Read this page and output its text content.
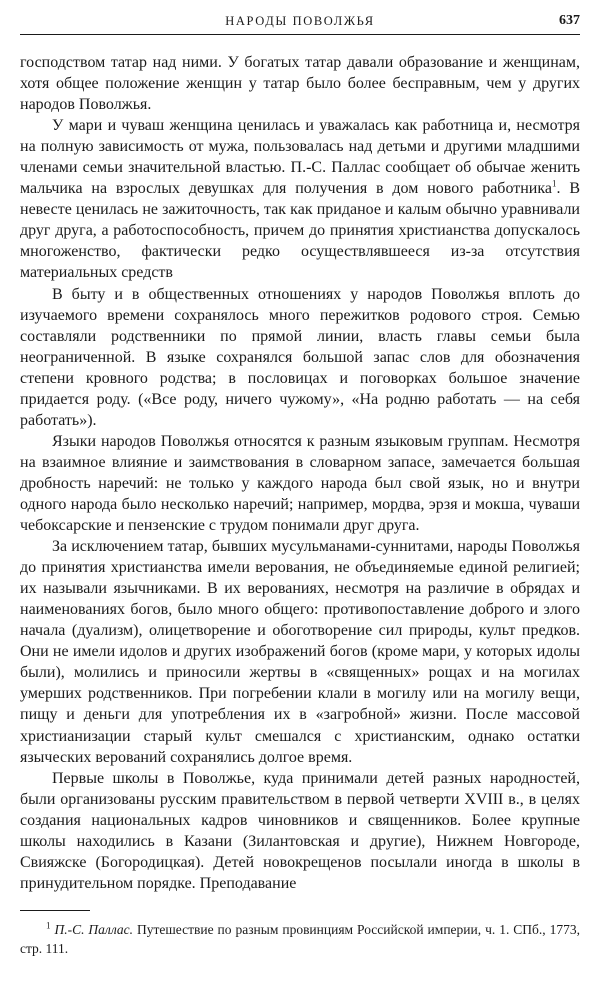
НАРОДЫ ПОВОЛЖЬЯ	637

господством татар над ними. У богатых татар давали образование и женщинам, хотя общее положение женщин у татар было более бесправным, чем у других народов Поволжья.

У мари и чуваш женщина ценилась и уважалась как работница и, несмотря на полную зависимость от мужа, пользовалась над детьми и другими младшими членами семьи значительной властью. П.-С. Паллас сообщает об обычае женить мальчика на взрослых девушках для получения в дом нового работника$^1$. В невесте ценилась не зажиточность, так как приданое и калым обычно уравнивали друг друга, а работоспособность, причем до принятия христианства допускалось многоженство, фактически редко осуществлявшееся из-за отсутствия материальных средств

В быту и в общественных отношениях у народов Поволжья вплоть до изучаемого времени сохранялось много пережитков родового строя. Семью составляли родственники по прямой линии, власть главы семьи была неограниченной. В языке сохранялся большой запас слов для обозначения степени кровного родства; в пословицах и поговорках большое значение придается роду. («Все роду, ничего чужому», «На родню работать — на себя работать»).

Языки народов Поволжья относятся к разным языковым группам. Несмотря на взаимное влияние и заимствования в словарном запасе, замечается большая дробность наречий: не только у каждого народа был свой язык, но и внутри одного народа было несколько наречий; например, мордва, эрзя и мокша, чуваши чебоксарские и пензенские с трудом понимали друг друга.

За исключением татар, бывших мусульманами-суннитами, народы Поволжья до принятия христианства имели верования, не объединяемые единой религией; их называли язычниками. В их верованиях, несмотря на различие в обрядах и наименованиях богов, было много общего: противопоставление доброго и злого начала (дуализм), олицетворение и обоготворение сил природы, культ предков. Они не имели идолов и других изображений богов (кроме мари, у которых идолы были), молились и приносили жертвы в «священных» рощах и на могилах умерших родственников. При погребении клали в могилу или на могилу вещи, пищу и деньги для употребления их в «загробной» жизни. После массовой христианизации старый культ смешался с христианским, однако остатки языческих верований сохранялись долгое время.

Первые школы в Поволжье, куда принимали детей разных народностей, были организованы русским правительством в первой четверти XVIII в., в целях создания национальных кадров чиновников и священников. Более крупные школы находились в Казани (Зилантовская и другие), Нижнем Новгороде, Свияжске (Богородицкая). Детей новокрещенов посылали иногда в школы в принудительном порядке. Преподавание

$^1$ П.-С. Паллас. Путешествие по разным провинциям Российской империи, ч. 1. СПб., 1773, стр. 111.
